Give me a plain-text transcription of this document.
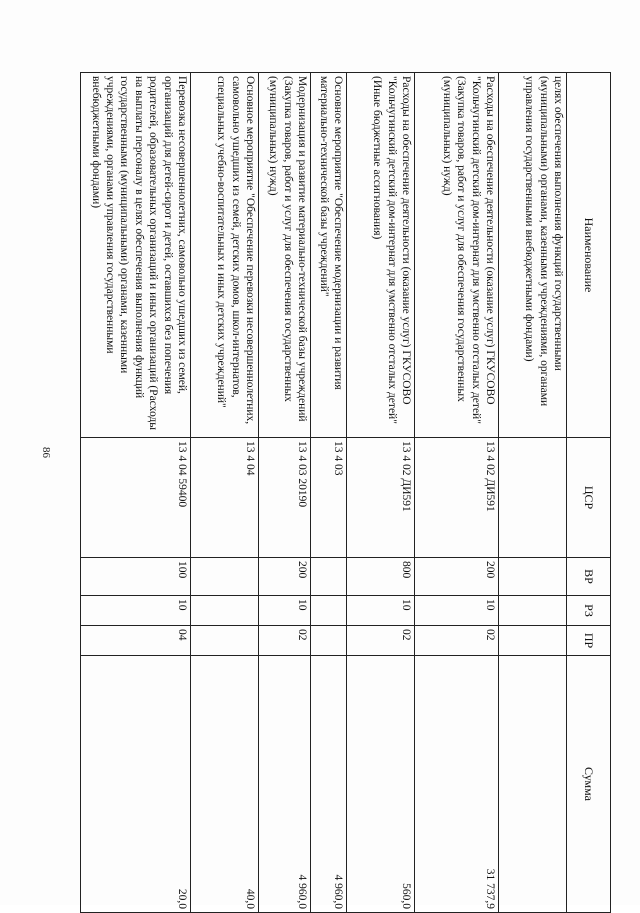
86
Наименование	ЦСР	ВР	РЗ	ПР	Сумма
целях обеспечения выполнения функций государственными (муниципальными) органами, казенными учреждениями, органами управления государственными внебюджетными фондами)					
Расходы на обеспечение деятельности (оказание услуг) ГКУСОВО "Кольчугинский детский дом-интернат для умственно отсталых детей" (Закупка товаров, работ и услуг для обеспечения государственных (муниципальных) нужд)	13 4 02 ДИ591	200	10	02	31 737,9
Расходы на обеспечение деятельности (оказание услуг) ГКУСОВО "Кольчугинский детский дом-интернат для умственно отсталых детей" (Иные бюджетные ассигнования)	13 4 02 ДИ591	800	10	02	560,0
Основное мероприятие "Обеспечение модернизации и развития материально-технической базы учреждений"	13 4 03				4 960,0
Модернизация и развитие материально-технической базы учреждений (Закупка товаров, работ и услуг для обеспечения государственных (муниципальных) нужд)	13 4 03 20190	200	10	02	4 960,0
Основное мероприятие "Обеспечение перевозки несовершеннолетних, самовольно ушедших из семей, детских домов, школ-интернатов, специальных учебно-воспитательных и иных детских учреждений"	13 4 04				40,0
Перевозка несовершеннолетних, самовольно ушедших из семей, организаций для детей-сирот и детей, оставшихся без попечения родителей, образовательных организаций и иных организаций (Расходы на выплаты персоналу в целях обеспечения выполнения функций государственными (муниципальными) органами, казенными учреждениями, органами управления государственными внебюджетными фондами)	13 4 04 59400	100	10	04	20,0
